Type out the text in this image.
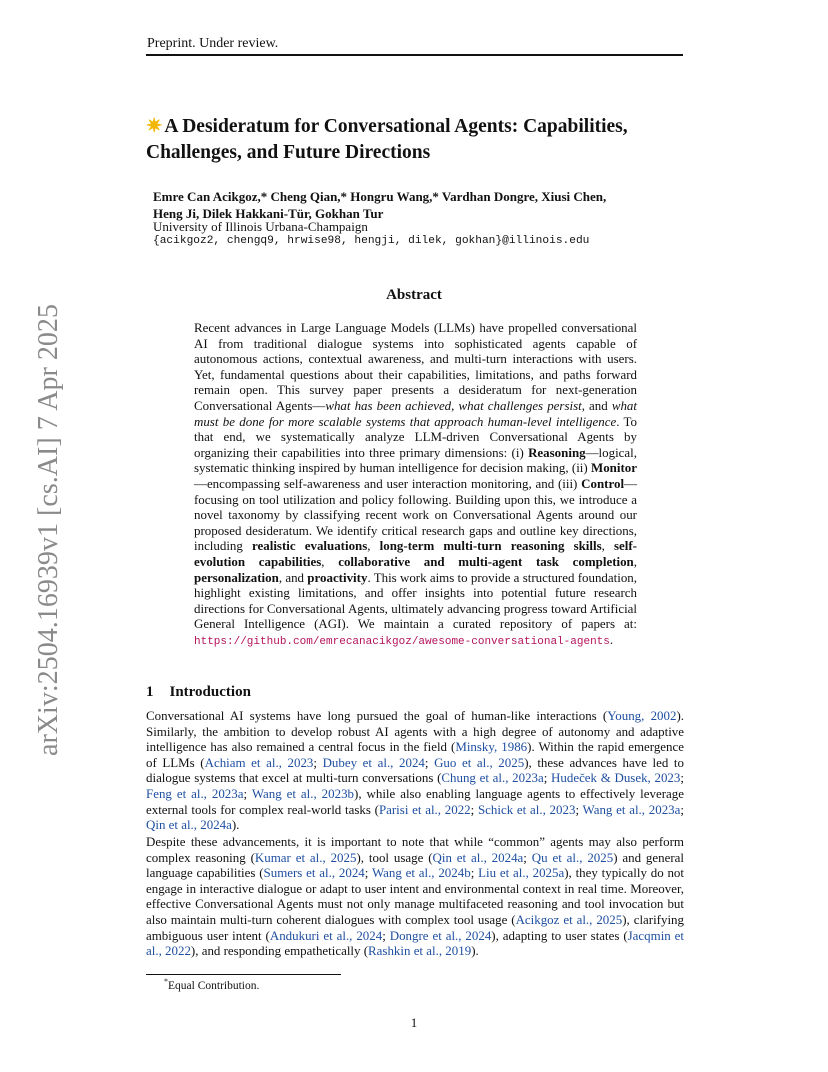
Preprint. Under review.
arXiv:2504.16939v1 [cs.AI] 7 Apr 2025
✷ A Desideratum for Conversational Agents: Capabilities,
Challenges, and Future Directions
Emre Can Acikgoz,* Cheng Qian,* Hongru Wang,* Vardhan Dongre, Xiusi Chen,
Heng Ji, Dilek Hakkani-Tür, Gokhan Tur
University of Illinois Urbana-Champaign
{acikgoz2, chengq9, hrwise98, hengji, dilek, gokhan}@illinois.edu
Abstract
Recent advances in Large Language Models (LLMs) have propelled conversational AI from traditional dialogue systems into sophisticated agents capable of autonomous actions, contextual awareness, and multi-turn interactions with users. Yet, fundamental questions about their capabilities, limitations, and paths forward remain open. This survey paper presents a desideratum for next-generation Conversational Agents—what has been achieved, what challenges persist, and what must be done for more scalable systems that approach human-level intelligence. To that end, we systematically analyze LLM-driven Conversational Agents by organizing their capabilities into three primary dimensions: (i) Reasoning—logical, systematic thinking inspired by human intelligence for decision making, (ii) Monitor—encompassing self-awareness and user interaction monitoring, and (iii) Control—focusing on tool utilization and policy following. Building upon this, we introduce a novel taxonomy by classifying recent work on Conversational Agents around our proposed desideratum. We identify critical research gaps and outline key directions, including realistic evaluations, long-term multi-turn reasoning skills, self-evolution capabilities, collaborative and multi-agent task completion, personalization, and proactivity. This work aims to provide a structured foundation, highlight existing limitations, and offer insights into potential future research directions for Conversational Agents, ultimately advancing progress toward Artificial General Intelligence (AGI). We maintain a curated repository of papers at: https://github.com/emrecanacikgoz/awesome-conversational-agents.
1 Introduction
Conversational AI systems have long pursued the goal of human-like interactions (Young, 2002). Similarly, the ambition to develop robust AI agents with a high degree of autonomy and adaptive intelligence has also remained a central focus in the field (Minsky, 1986). Within the rapid emergence of LLMs (Achiam et al., 2023; Dubey et al., 2024; Guo et al., 2025), these advances have led to dialogue systems that excel at multi-turn conversations (Chung et al., 2023a; Hudeček & Dusek, 2023; Feng et al., 2023a; Wang et al., 2023b), while also enabling language agents to effectively leverage external tools for complex real-world tasks (Parisi et al., 2022; Schick et al., 2023; Wang et al., 2023a; Qin et al., 2024a).
Despite these advancements, it is important to note that while “common” agents may also perform complex reasoning (Kumar et al., 2025), tool usage (Qin et al., 2024a; Qu et al., 2025) and general language capabilities (Sumers et al., 2024; Wang et al., 2024b; Liu et al., 2025a), they typically do not engage in interactive dialogue or adapt to user intent and environmental context in real time. Moreover, effective Conversational Agents must not only manage multifaceted reasoning and tool invocation but also maintain multi-turn coherent dialogues with complex tool usage (Acikgoz et al., 2025), clarifying ambiguous user intent (Andukuri et al., 2024; Dongre et al., 2024), adapting to user states (Jacqmin et al., 2022), and responding empathetically (Rashkin et al., 2019).
*Equal Contribution.
1
